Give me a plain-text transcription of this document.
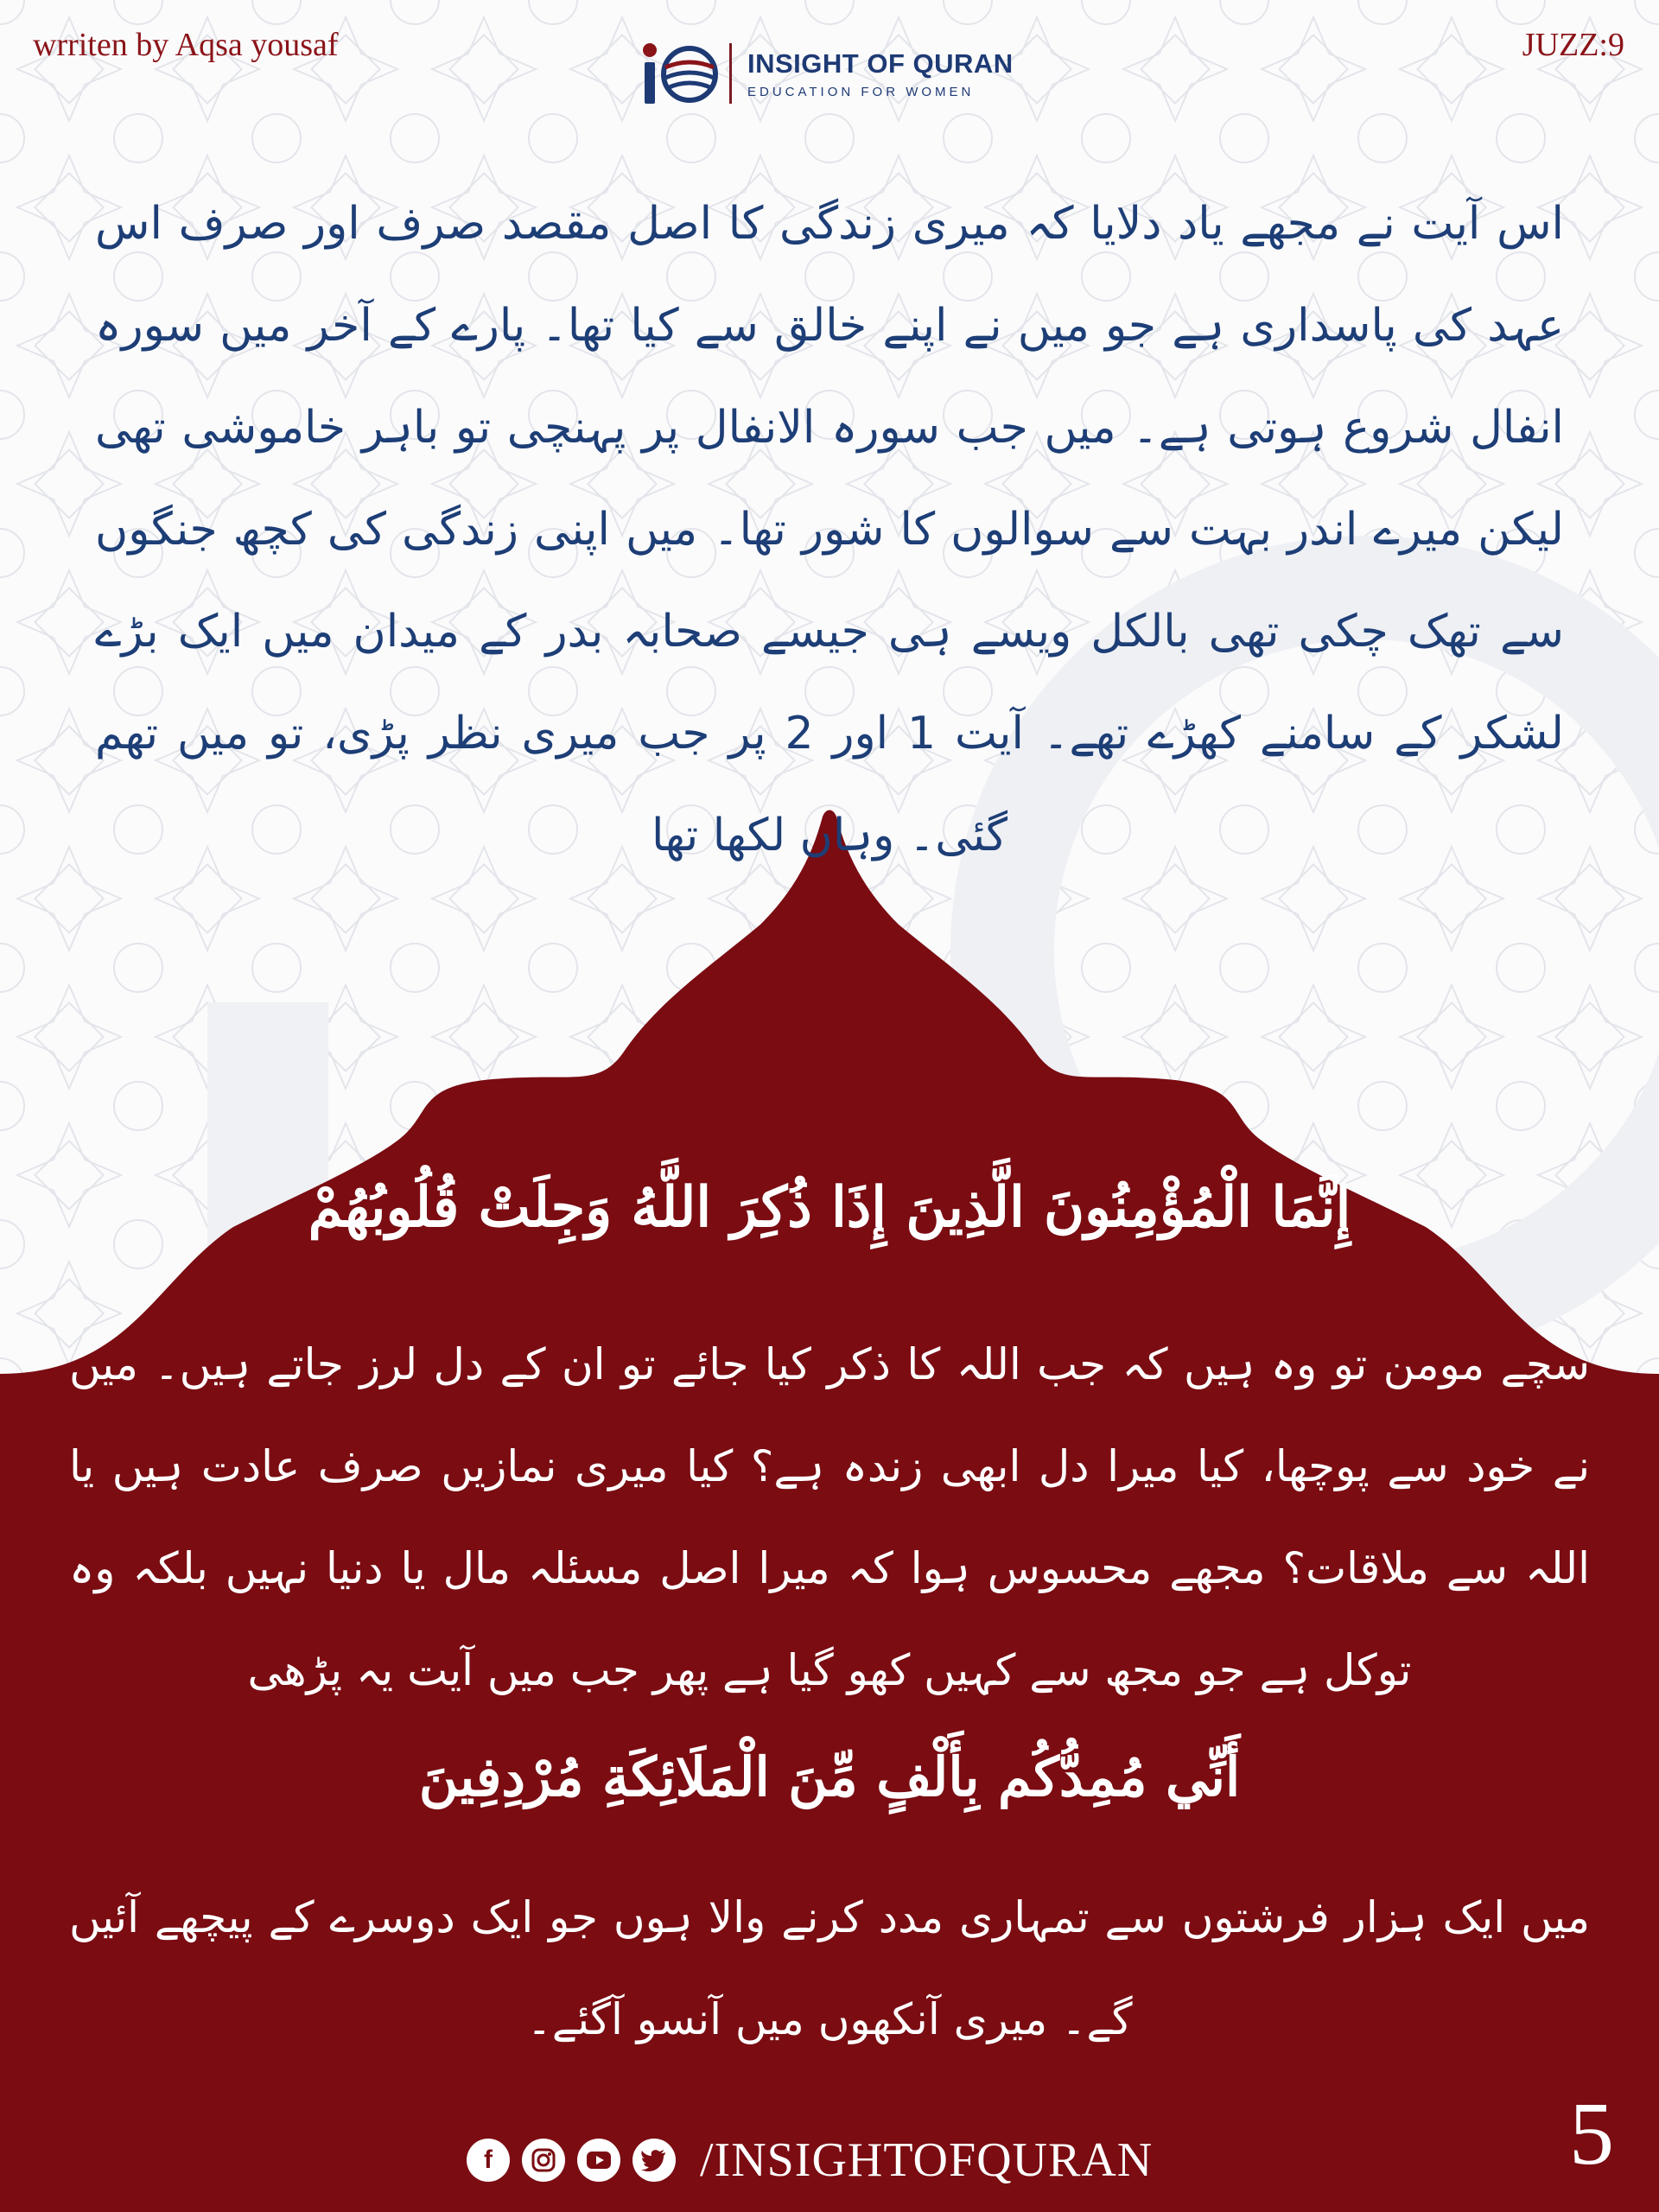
wrriten by Aqsa yousaf	INSIGHT OF QURAN
EDUCATION FOR WOMEN
JUZZ:9
اس آیت نے مجھے یاد دلایا کہ میری زندگی کا اصل مقصد صرف اور صرف اس عہد کی پاسداری ہے جو میں نے اپنے خالق سے کیا تھا۔ پارے کے آخر میں سورہ انفال شروع ہوتی ہے۔ میں جب سورہ الانفال پر پہنچی تو باہر خاموشی تھی لیکن میرے اندر بہت سے سوالوں کا شور تھا۔ میں اپنی زندگی کی کچھ جنگوں سے تھک چکی تھی بالکل ویسے ہی جیسے صحابہ بدر کے میدان میں ایک بڑے لشکر کے سامنے کھڑے تھے۔ آیت 1 اور 2 پر جب میری نظر پڑی، تو میں تھم گئی۔ وہاں لکھا تھا
إِنَّمَا الْمُؤْمِنُونَ الَّذِينَ إِذَا ذُكِرَ اللَّهُ وَجِلَتْ قُلُوبُهُمْ
سچے مومن تو وہ ہیں کہ جب اللہ کا ذکر کیا جائے تو ان کے دل لرز جاتے ہیں۔ میں نے خود سے پوچھا، کیا میرا دل ابھی زندہ ہے؟ کیا میری نمازیں صرف عادت ہیں یا اللہ سے ملاقات؟ مجھے محسوس ہوا کہ میرا اصل مسئلہ مال یا دنیا نہیں بلکہ وہ توکل ہے جو مجھ سے کہیں کھو گیا ہے پھر جب میں آیت یہ پڑھی
أَنِّي مُمِدُّكُم بِأَلْفٍ مِّنَ الْمَلَائِكَةِ مُرْدِفِينَ
میں ایک ہزار فرشتوں سے تمہاری مدد کرنے والا ہوں جو ایک دوسرے کے پیچھے آئیں گے۔ میری آنکھوں میں آنسو آگئے۔
f	/INSIGHTOFQURAN	5
